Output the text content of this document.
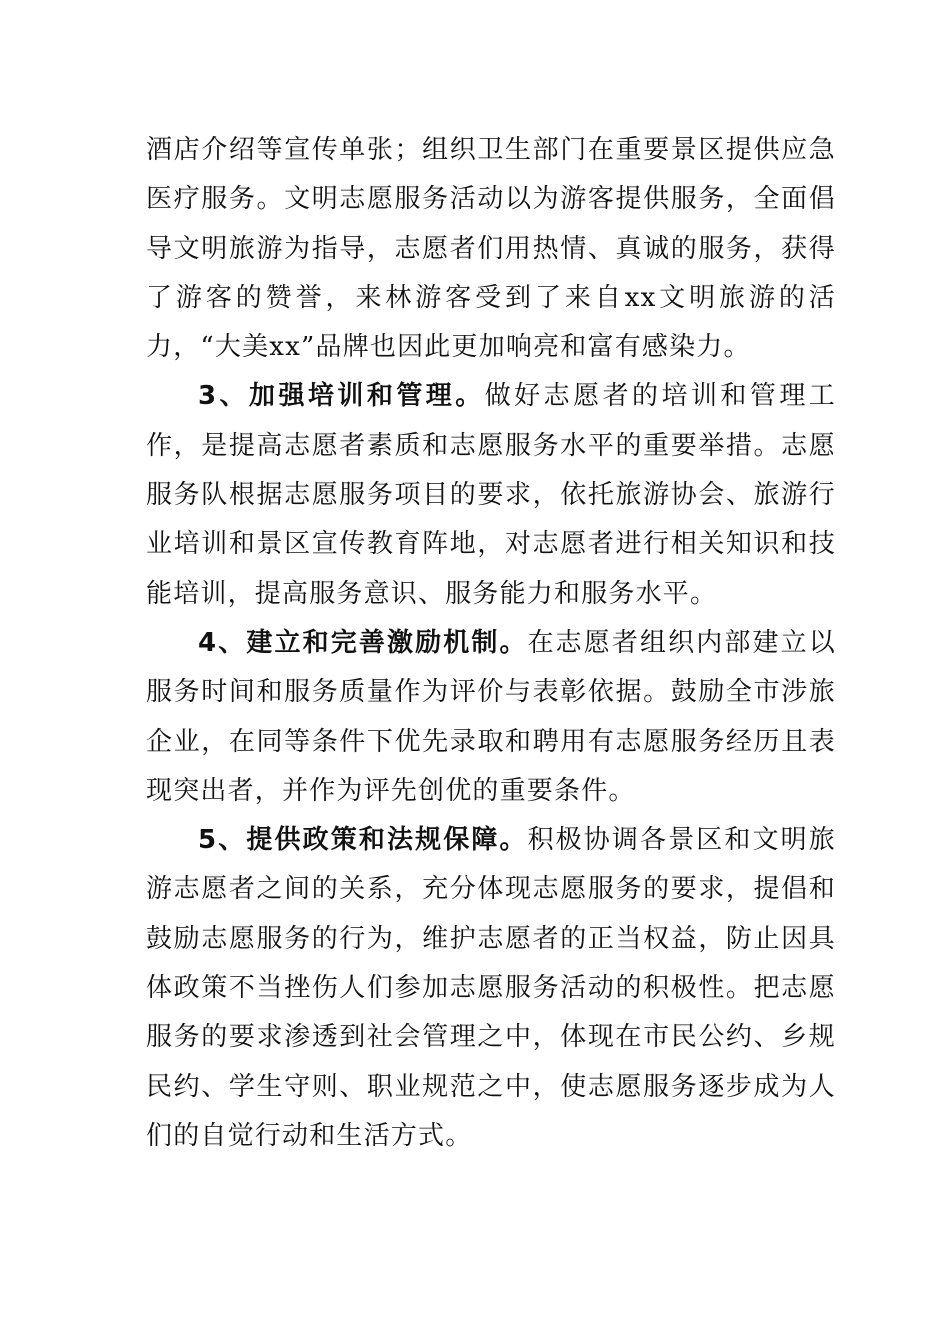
酒店介绍等宣传单张；组织卫生部门在重要景区提供应急医疗服务。文明志愿服务活动以为游客提供服务，全面倡导文明旅游为指导，志愿者们用热情、真诚的服务，获得了游客的赞誉，来林游客受到了来自xx文明旅游的活力，“大美xx”品牌也因此更加响亮和富有感染力。

3、加强培训和管理。做好志愿者的培训和管理工作，是提高志愿者素质和志愿服务水平的重要举措。志愿服务队根据志愿服务项目的要求，依托旅游协会、旅游行业培训和景区宣传教育阵地，对志愿者进行相关知识和技能培训，提高服务意识、服务能力和服务水平。

4、建立和完善激励机制。在志愿者组织内部建立以服务时间和服务质量作为评价与表彰依据。鼓励全市涉旅企业，在同等条件下优先录取和聘用有志愿服务经历且表现突出者，并作为评先创优的重要条件。

5、提供政策和法规保障。积极协调各景区和文明旅游志愿者之间的关系，充分体现志愿服务的要求，提倡和鼓励志愿服务的行为，维护志愿者的正当权益，防止因具体政策不当挫伤人们参加志愿服务活动的积极性。把志愿服务的要求渗透到社会管理之中，体现在市民公约、乡规民约、学生守则、职业规范之中，使志愿服务逐步成为人们的自觉行动和生活方式。
